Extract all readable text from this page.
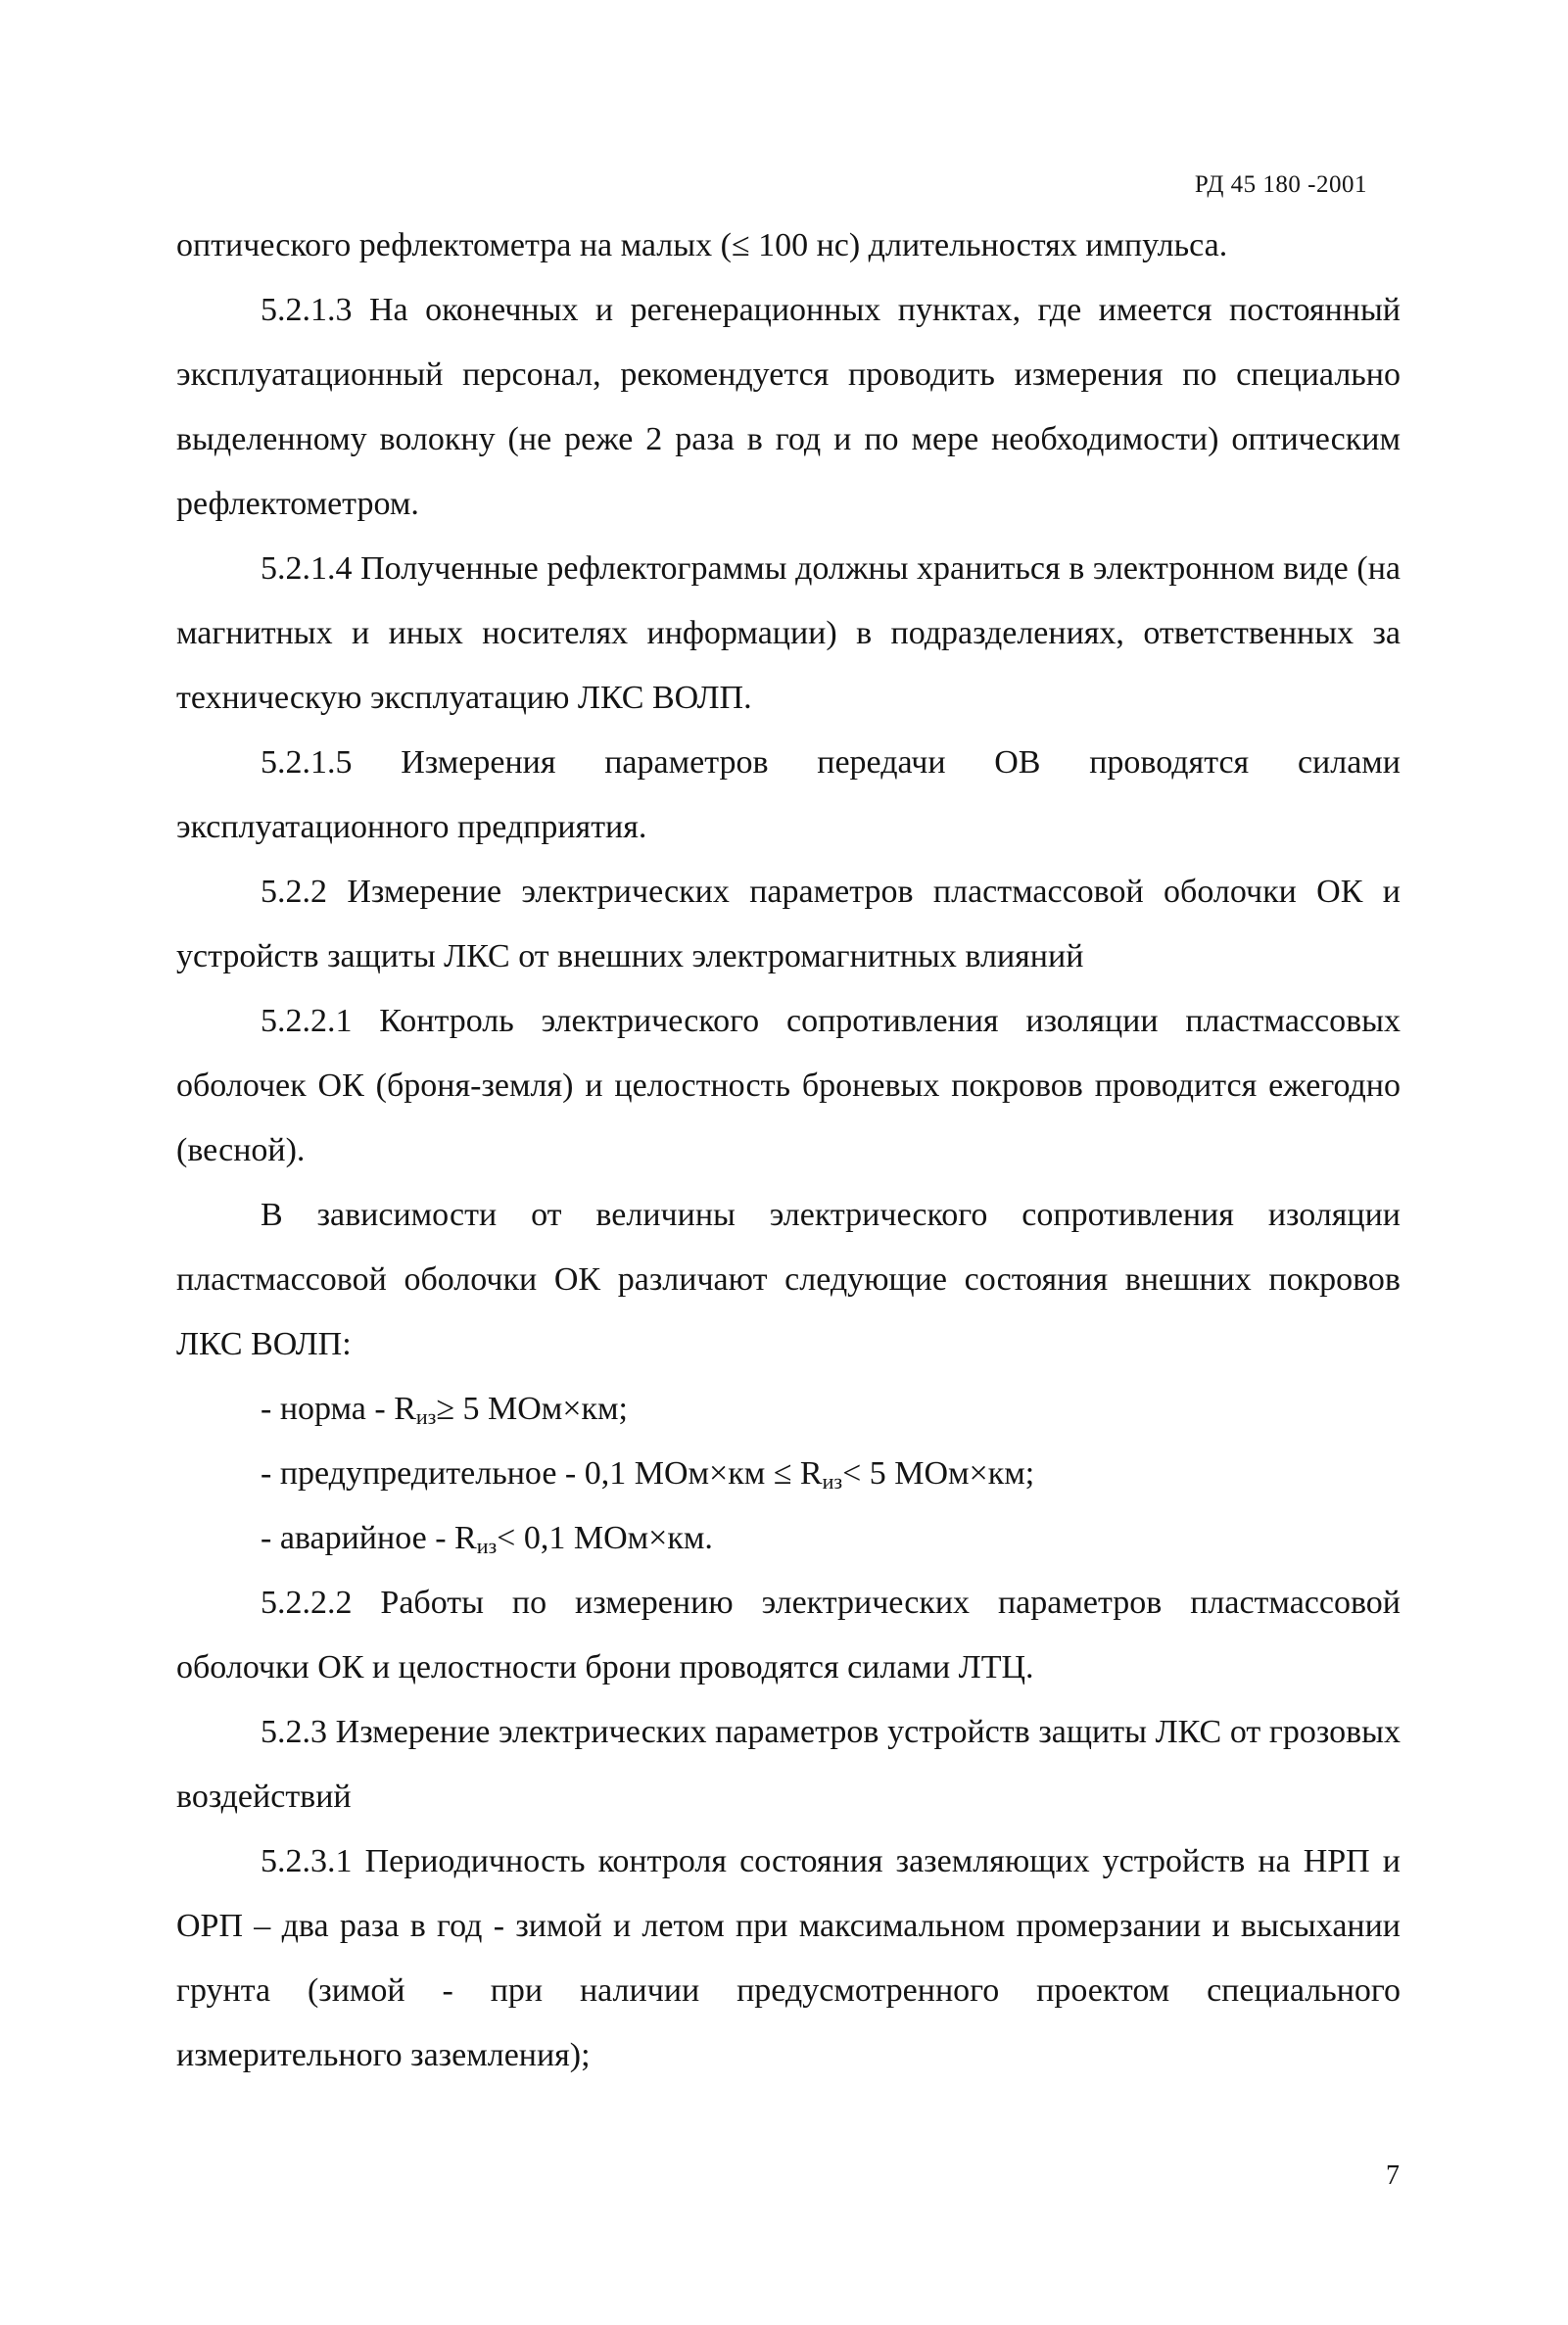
РД 45 180 -2001

оптического рефлектометра на малых (≤ 100 нс) длительностях импульса.

5.2.1.3 На оконечных и регенерационных пунктах, где имеется постоянный эксплуатационный персонал, рекомендуется проводить измерения по специально выделенному волокну (не реже 2 раза в год и по мере необходимости) оптическим рефлектометром.

5.2.1.4 Полученные рефлектограммы должны храниться в электронном виде (на магнитных и иных носителях информации) в подразделениях, ответственных за техническую эксплуатацию ЛКС ВОЛП.

5.2.1.5 Измерения параметров передачи ОВ проводятся силами эксплуатационного предприятия.

5.2.2 Измерение электрических параметров пластмассовой оболочки ОК и устройств защиты ЛКС от внешних электромагнитных влияний

5.2.2.1 Контроль электрического сопротивления изоляции пластмассовых оболочек ОК (броня-земля) и целостность броневых покровов проводится ежегодно (весной).

В зависимости от величины электрического сопротивления изоляции пластмассовой оболочки ОК различают следующие состояния внешних покровов ЛКС ВОЛП:

- норма - $R_{из}\ge 5$ МОм×км;

- предупредительное - 0,1 $МОм\times км \le R_{из}< 5$ МОм×км;

- аварийное - $R_{из}< 0,1$ МОм×км.

5.2.2.2 Работы по измерению электрических параметров пластмассовой оболочки ОК и целостности брони проводятся силами ЛТЦ.

5.2.3 Измерение электрических параметров устройств защиты ЛКС от грозовых воздействий

5.2.3.1 Периодичность контроля состояния заземляющих устройств на НРП и ОРП – два раза в год - зимой и летом при максимальном промерзании и высыхании грунта (зимой - при наличии предусмотренного проектом специального измерительного заземления);

7
